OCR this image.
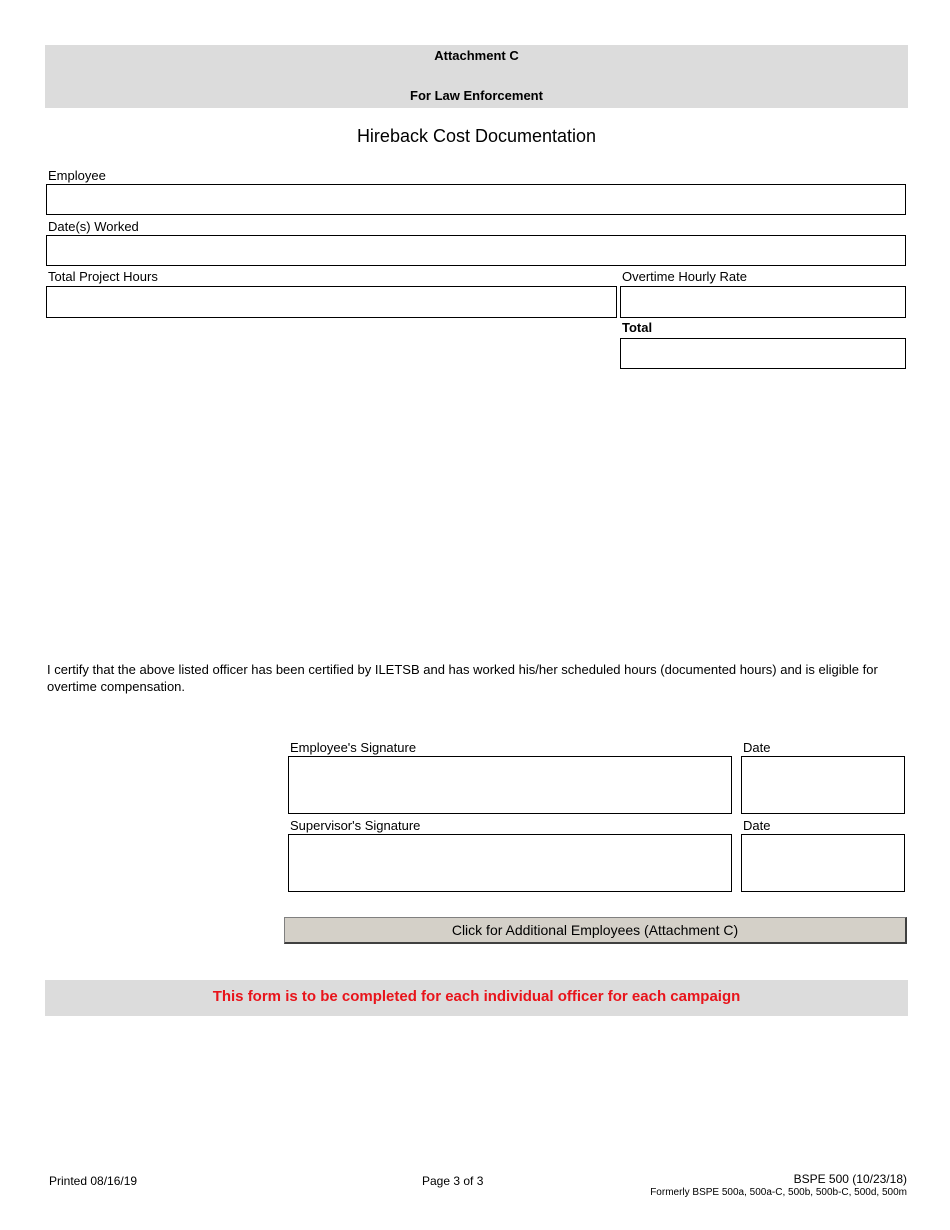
Attachment C
For Law Enforcement
Hireback Cost Documentation
Employee
Date(s) Worked
Total Project Hours	Overtime Hourly Rate
Total
I certify that the above listed officer has been certified by ILETSB and has worked his/her scheduled hours (documented hours) and is eligible for overtime compensation.
Employee's Signature	Date
Supervisor's Signature	Date
Click for Additional Employees (Attachment C)
This form is to be completed for each individual officer for each campaign
Printed 08/16/19	Page 3 of 3	BSPE 500 (10/23/18)
Formerly BSPE 500a, 500a-C, 500b, 500b-C, 500d, 500m
